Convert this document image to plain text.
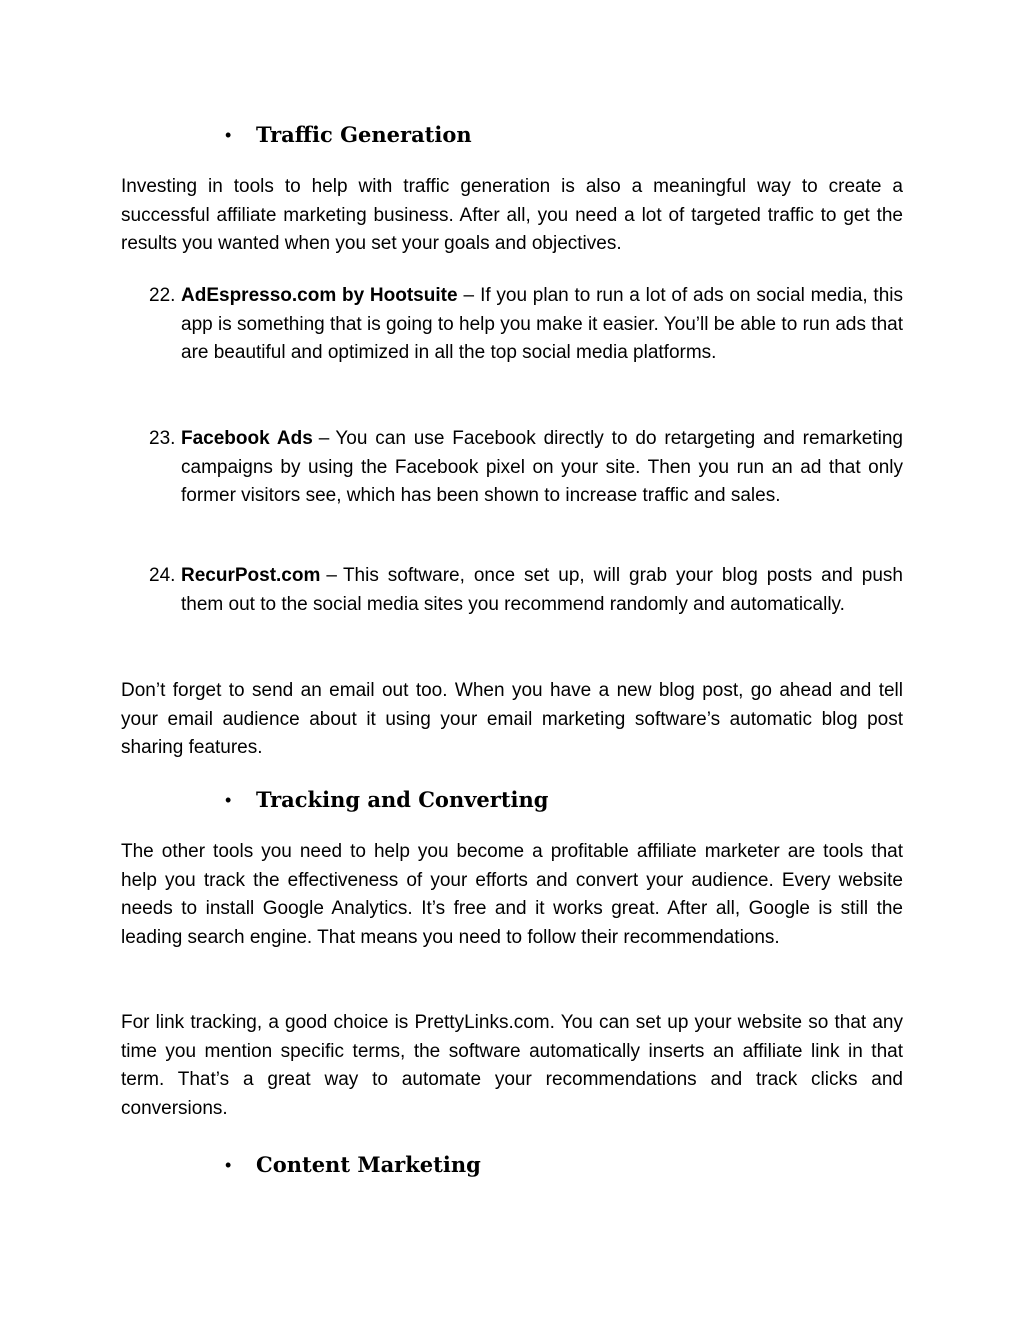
• Traffic Generation

Investing in tools to help with traffic generation is also a meaningful way to create a successful affiliate marketing business. After all, you need a lot of targeted traffic to get the results you wanted when you set your goals and objectives.

22. AdEspresso.com by Hootsuite – If you plan to run a lot of ads on social media, this app is something that is going to help you make it easier. You’ll be able to run ads that are beautiful and optimized in all the top social media platforms.

23. Facebook Ads – You can use Facebook directly to do retargeting and remarketing campaigns by using the Facebook pixel on your site. Then you run an ad that only former visitors see, which has been shown to increase traffic and sales.

24. RecurPost.com – This software, once set up, will grab your blog posts and push them out to the social media sites you recommend randomly and automatically.

Don’t forget to send an email out too. When you have a new blog post, go ahead and tell your email audience about it using your email marketing software’s automatic blog post sharing features.

• Tracking and Converting

The other tools you need to help you become a profitable affiliate marketer are tools that help you track the effectiveness of your efforts and convert your audience. Every website needs to install Google Analytics. It’s free and it works great. After all, Google is still the leading search engine. That means you need to follow their recommendations.

For link tracking, a good choice is PrettyLinks.com. You can set up your website so that any time you mention specific terms, the software automatically inserts an affiliate link in that term. That’s a great way to automate your recommendations and track clicks and conversions.

• Content Marketing
